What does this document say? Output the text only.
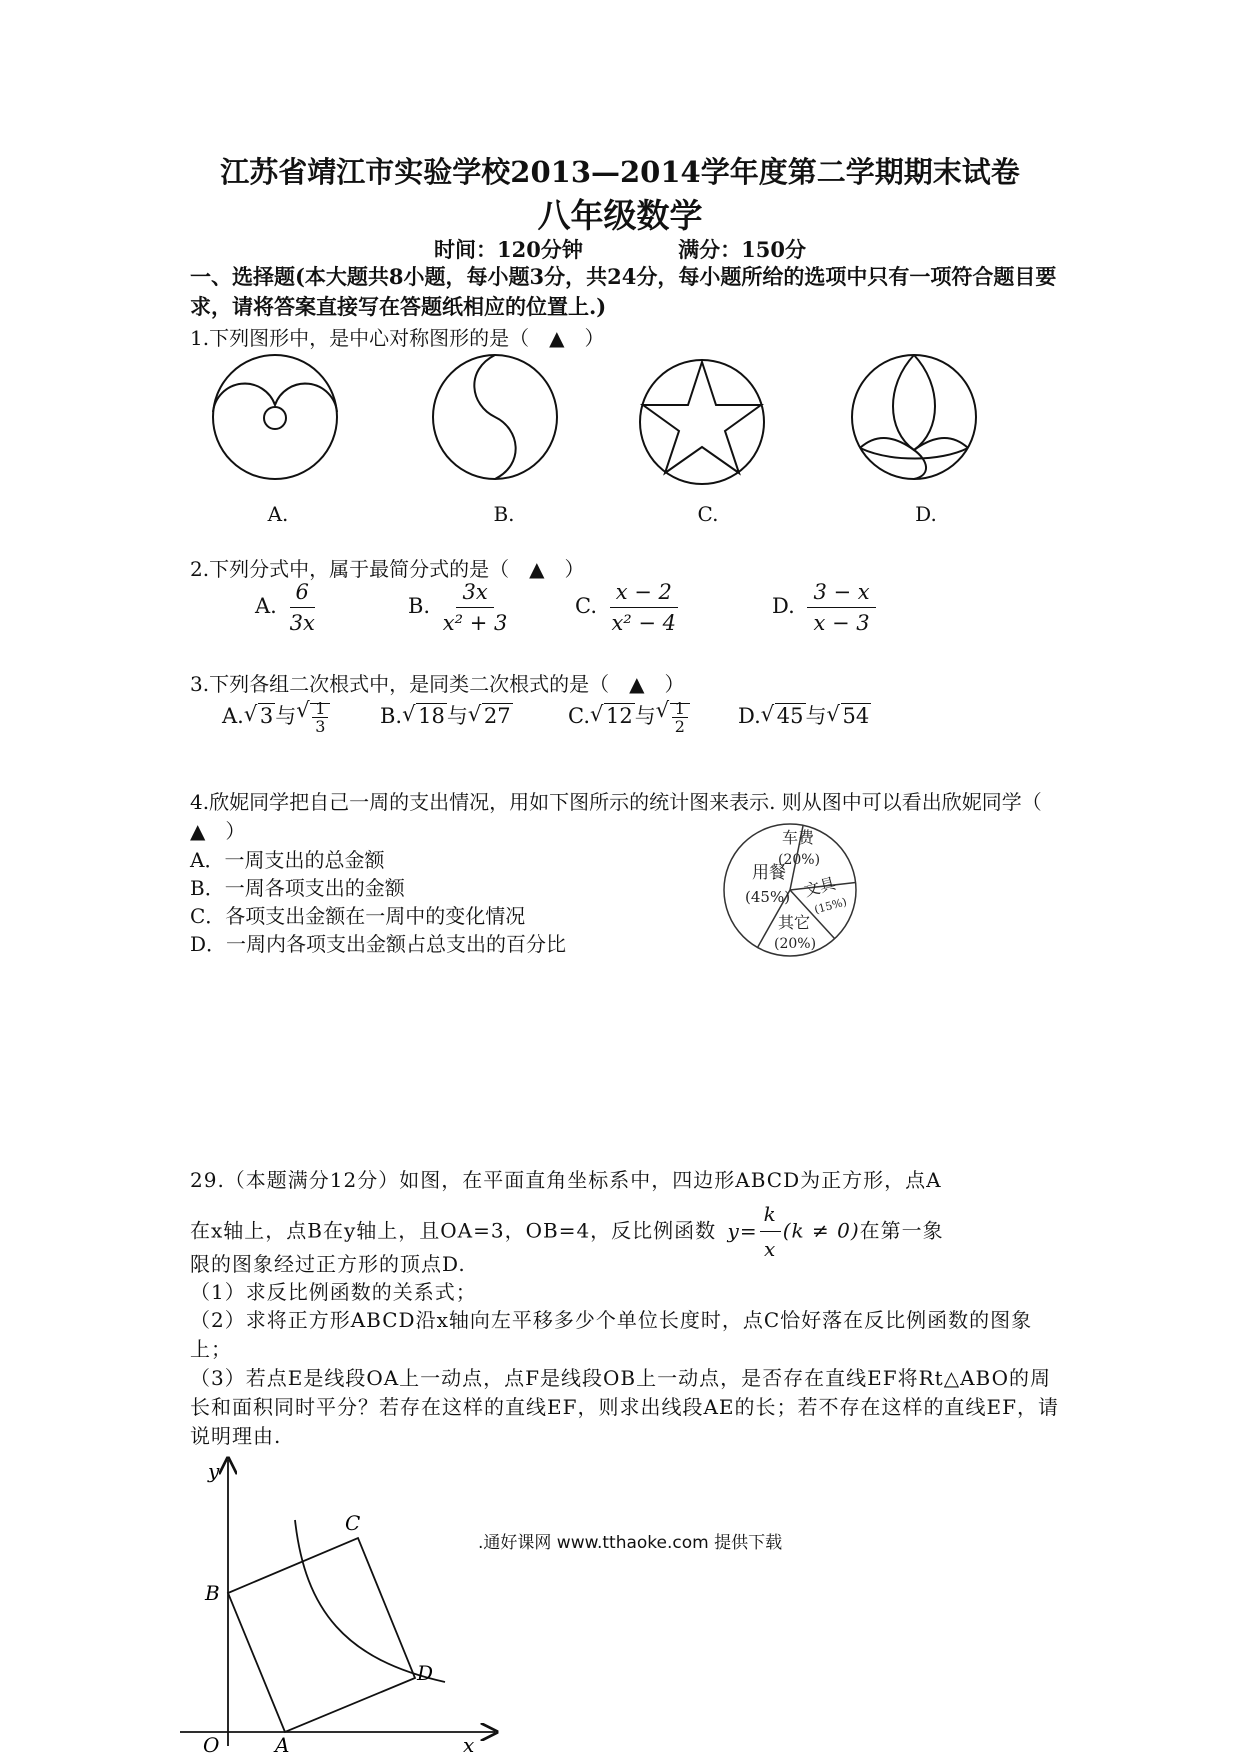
江苏省靖江市实验学校2013—2014学年度第二学期期末试卷
八年级数学
时间：120分钟	满分：150分
一、选择题(本大题共8小题，每小题3分，共24分，每小题所给的选项中只有一项符合题目要求，请将答案直接写在答题纸相应的位置上.)
1.下列图形中，是中心对称图形的是（　▲　）
A.	B.	C.	D.
2.下列分式中，属于最简分式的是（　▲　）
A. $\frac{6}{3x}$	B. $\frac{3x}{\text{x² + 3}}$	C. $\frac{x - 2}{\text{x² − 4}}$	D. $\frac{3 - x}{x - 3}$
3.下列各组二次根式中，是同类二次根式的是（　▲　）
A.√ 3与
√ $\frac{1}{3} B.√$ 18与√ 27	C.√ 12与
√ $\frac{1}{2} D.√$ 45与√ 54
4.欣妮同学把自己一周的支出情况，用如下图所示的统计图来表示. 则从图中可以看出欣妮同学（　▲　）
A．一周支出的总金额
B．一周各项支出的金额
C．各项支出金额在一周中的变化情况
D．一周内各项支出金额占总支出的百分比
用餐
(45%)
车费
(20%)
文具
(15%)
其它
(20%)
29.（本题满分12分）如图，在平面直角坐标系中，四边形ABCD为正方形，点A
在x轴上，点B在y轴上，且OA=3，OB=4，反比例函数 $y= \frac{k}{x} (k \ne 0)$在第一象
限的图象经过正方形的顶点D.
（1）求反比例函数的关系式；
（2）求将正方形ABCD沿x轴向左平移多少个单位长度时，点C恰好落在反比例函数的图象上；
（3）若点E是线段OA上一动点，点F是线段OB上一动点，是否存在直线EF将Rt△ABO的周长和面积同时平分？若存在这样的直线EF，则求出线段AE的长；若不存在这样的直线EF，请说明理由.
y
x
O	A
B
C
D
.通好课网 www.tthaoke.com 提供下载
